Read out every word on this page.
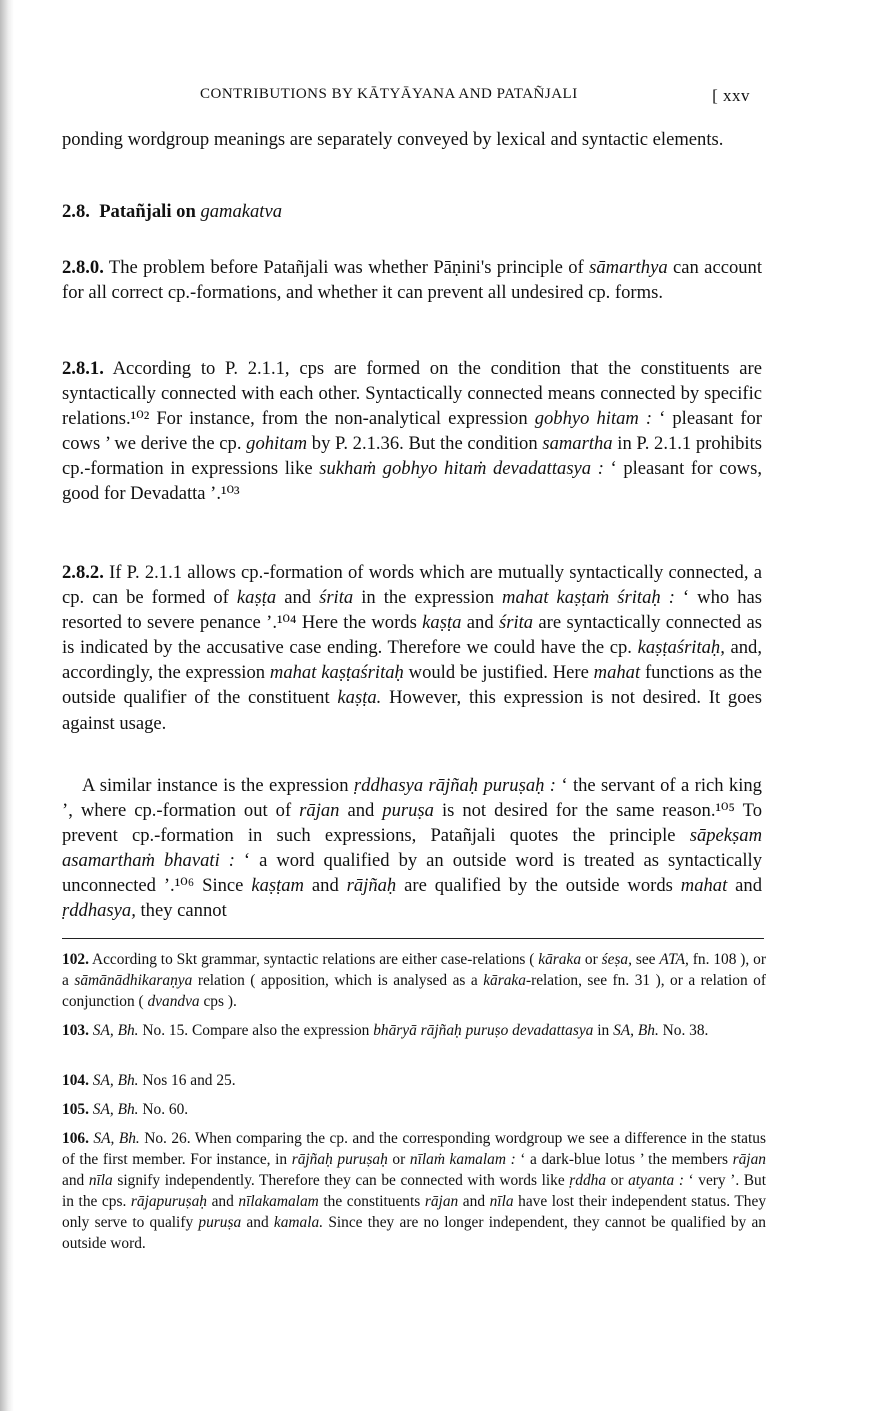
CONTRIBUTIONS BY KĀTYĀYANA AND PATAÑJALI	[ xxv
ponding wordgroup meanings are separately conveyed by lexical and syntactic elements.
2.8. Patañjali on gamakatva
2.8.0. The problem before Patañjali was whether Pāṇini's principle of sāmarthya can account for all correct cp.-formations, and whether it can prevent all undesired cp. forms.
2.8.1. According to P. 2.1.1, cps are formed on the condition that the constituents are syntactically connected with each other. Syntactically connected means connected by specific relations.¹⁰² For instance, from the non-analytical expression gobhyo hitam : ‘ pleasant for cows ’ we derive the cp. gohitam by P. 2.1.36. But the condition samartha in P. 2.1.1 prohibits cp.-formation in expressions like sukhaṁ gobhyo hitaṁ devadattasya : ‘ pleasant for cows, good for Devadatta ’.¹⁰³
2.8.2. If P. 2.1.1 allows cp.-formation of words which are mutually syntactically connected, a cp. can be formed of kaṣṭa and śrita in the expression mahat kaṣṭaṁ śritaḥ : ‘ who has resorted to severe penance ’.¹⁰⁴ Here the words kaṣṭa and śrita are syntactically connected as is indicated by the accusative case ending. Therefore we could have the cp. kaṣṭaśritaḥ, and, accordingly, the expression mahat kaṣṭaśritaḥ would be justified. Here mahat functions as the outside qualifier of the constituent kaṣṭa. However, this expression is not desired. It goes against usage.
A similar instance is the expression ṛddhasya rājñaḥ puruṣaḥ : ‘ the servant of a rich king ’, where cp.-formation out of rājan and puruṣa is not desired for the same reason.¹⁰⁵ To prevent cp.-formation in such expressions, Patañjali quotes the principle sāpekṣam asamarthaṁ bhavati : ‘ a word qualified by an outside word is treated as syntactically unconnected ’.¹⁰⁶ Since kaṣṭam and rājñaḥ are qualified by the outside words mahat and ṛddhasya, they cannot
102. According to Skt grammar, syntactic relations are either case-relations ( kāraka or śeṣa, see ATA, fn. 108 ), or a sāmānādhikaraṇya relation ( apposition, which is analysed as a kāraka-relation, see fn. 31 ), or a relation of conjunction ( dvandva cps ).
103. SA, Bh. No. 15. Compare also the expression bhāryā rājñaḥ puruṣo devadattasya in SA, Bh. No. 38.
104. SA, Bh. Nos 16 and 25.
105. SA, Bh. No. 60.
106. SA, Bh. No. 26. When comparing the cp. and the corresponding wordgroup we see a difference in the status of the first member. For instance, in rājñaḥ puruṣaḥ or nīlaṁ kamalam : ‘ a dark-blue lotus ’ the members rājan and nīla signify independently. Therefore they can be connected with words like ṛddha or atyanta : ‘ very ’. But in the cps. rājapuruṣaḥ and nīlakamalam the constituents rājan and nīla have lost their independent status. They only serve to qualify puruṣa and kamala. Since they are no longer independent, they cannot be qualified by an outside word.
